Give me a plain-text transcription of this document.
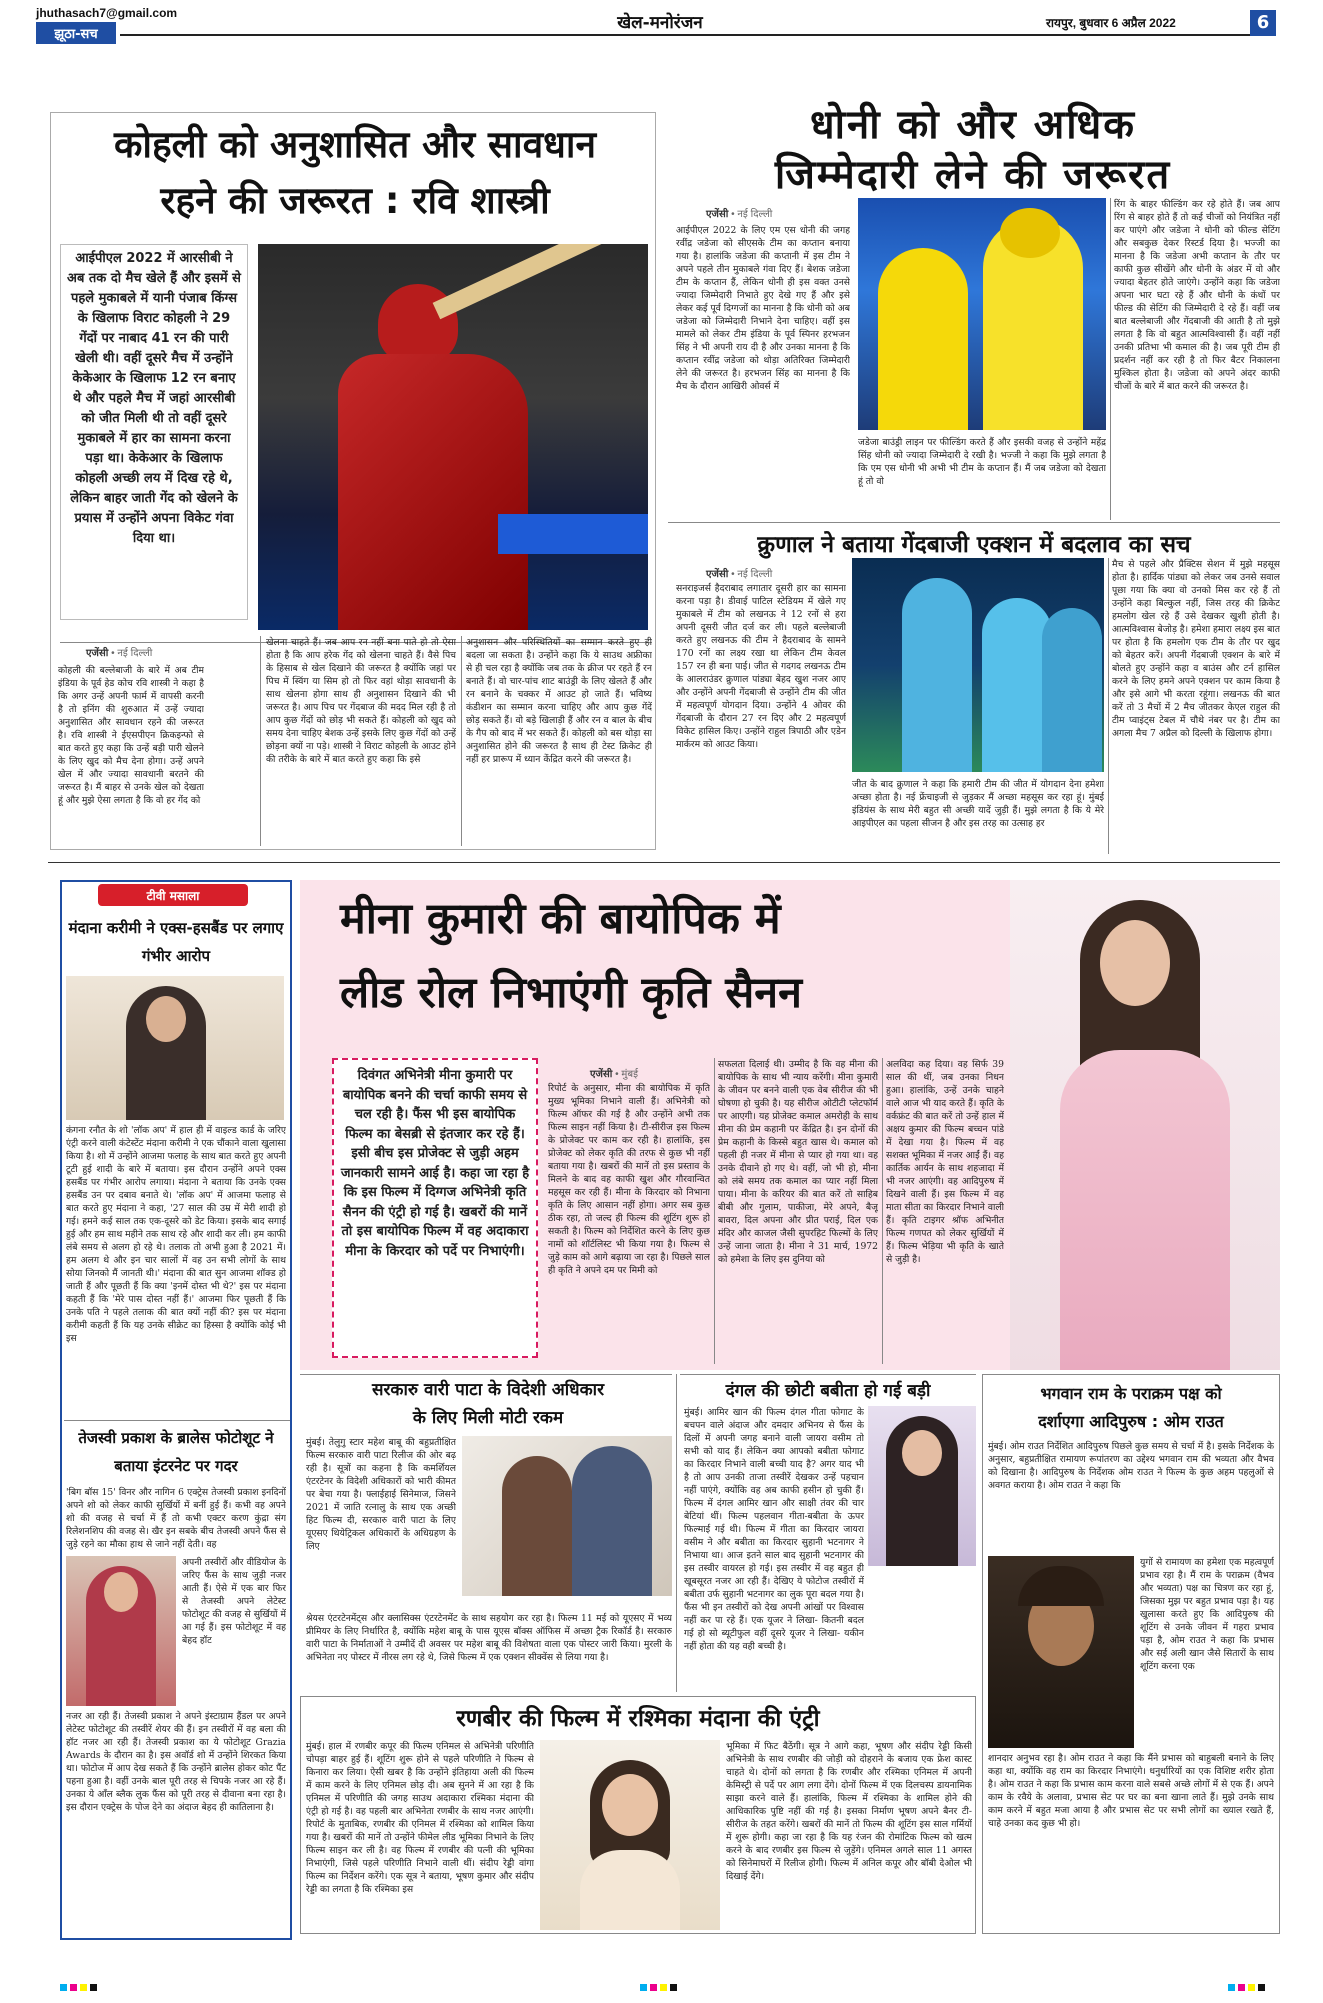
jhuthasach7@gmail.com
झूठा-सच
खेल-मनोरंजन	रायपुर, बुधवार 6 अप्रैल 2022	6
कोहली को अनुशासित और सावधान
रहने की जरूरत : रवि शास्त्री
आईपीएल 2022 में आरसीबी ने अब तक दो मैच खेले हैं और इसमें से पहले मुकाबले में यानी पंजाब किंग्स के खिलाफ विराट कोहली ने 29 गेंदों पर नाबाद 41 रन की पारी खेली थी। वहीं दूसरे मैच में उन्होंने केकेआर के खिलाफ 12 रन बनाए थे और पहले मैच में जहां आरसीबी को जीत मिली थी तो वहीं दूसरे मुकाबले में हार का सामना करना पड़ा था। केकेआर के खिलाफ कोहली अच्छी लय में दिख रहे थे, लेकिन बाहर जाती गेंद को खेलने के प्रयास में उन्होंने अपना विकेट गंवा दिया था।
एजेंसी • नई दिल्ली
कोहली की बल्लेबाजी के बारे में अब टीम इंडिया के पूर्व हेड कोच रवि शास्त्री ने कहा है कि अगर उन्हें अपनी फार्म में वापसी करनी है तो इनिंग की शुरुआत में उन्हें ज्यादा अनुशासित और सावधान रहने की जरूरत है। रवि शास्त्री ने ईएसपीएन क्रिकइन्फो से बात करते हुए कहा कि उन्हें बड़ी पारी खेलने के लिए खुद को मैच देना होगा। उन्हें अपने खेल में और ज्यादा सावधानी बरतने की जरूरत है। मैं बाहर से उनके खेल को देखता हूं और मुझे ऐसा लगता है कि वो हर गेंद को
खेलना चाहते हैं। जब आप रन नहीं बना पाते हो तो ऐसा होता है कि आप हरेक गेंद को खेलना चाहते हैं। वैसे पिच के हिसाब से खेल दिखाने की जरूरत है क्योंकि जहां पर पिच में स्विंग या सिम हो तो फिर वहां थोड़ा सावधानी के साथ खेलना होगा साथ ही अनुशासन दिखाने की भी जरूरत है। आप पिच पर गेंदबाज की मदद मिल रही है तो आप कुछ गेंदों को छोड़ भी सकते हैं। कोहली को खुद को समय देना चाहिए बेशक उन्हें इसके लिए कुछ गेंदों को उन्हें छोड़ना क्यों ना पड़े। शास्त्री ने विराट कोहली के आउट होने की तरीके के बारे में बात करते हुए कहा कि इसे
अनुशासन और परिस्थितियों का सम्मान करते हुए ही बदला जा सकता है। उन्होंने कहा कि ये साउथ अफ्रीका से ही चल रहा है क्योंकि जब तक के क्रीज पर रहते हैं रन बनाते हैं। वो चार-पांच शाट बाउंड्री के लिए खेलते हैं और रन बनाने के चक्कर में आउट हो जाते हैं। भविष्य कंडीशन का सम्मान करना चाहिए और आप कुछ गेंदें छोड़ सकते हैं। वो बड़े खिलाड़ी हैं और रन व बाल के बीच के गैप को बाद में भर सकते हैं। कोहली को बस थोड़ा सा अनुशासित होने की जरूरत है साथ ही टेस्ट क्रिकेट ही नहीं हर प्रारूप में ध्यान केंद्रित करने की जरूरत है।
धोनी को और अधिक
जिम्मेदारी लेने की जरूरत
एजेंसी • नई दिल्ली
आईपीएल 2022 के लिए एम एस धोनी की जगह रवींद्र जडेजा को सीएसके टीम का कप्तान बनाया गया है। हालांकि जडेजा की कप्तानी में इस टीम ने अपने पहले तीन मुकाबले गंवा दिए हैं। बेशक जडेजा टीम के कप्तान हैं, लेकिन धोनी ही इस वक्त उनसे ज्यादा जिम्मेदारी निभाते हुए देखे गए हैं और इसे लेकर कई पूर्व दिग्गजों का मानना है कि धोनी को अब जडेजा को जिम्मेदारी निभाने देना चाहिए। वहीं इस मामले को लेकर टीम इंडिया के पूर्व स्पिनर हरभजन सिंह ने भी अपनी राय दी है और उनका मानना है कि कप्तान रवींद्र जडेजा को थोड़ा अतिरिक्त जिम्मेदारी लेने की जरूरत है। हरभजन सिंह का मानना है कि मैच के दौरान आखिरी ओवर्स में
जडेजा बाउंड्री लाइन पर फील्डिंग करते हैं और इसकी वजह से उन्होंने महेंद्र सिंह धोनी को ज्यादा जिम्मेदारी दे रखी है। भज्जी ने कहा कि मुझे लगता है कि एम एस धोनी भी अभी भी टीम के कप्तान हैं। मैं जब जडेजा को देखता हूं तो वो
रिंग के बाहर फील्डिंग कर रहे होते हैं। जब आप रिंग से बाहर होते हैं तो कई चीजों को नियंत्रित नहीं कर पाएंगे और जडेजा ने धोनी को फील्ड सेटिंग और सबकुछ देकर रिस्टर्ड दिया है। भज्जी का मानना है कि जडेजा अभी कप्तान के तौर पर काफी कुछ सीखेंगे और धोनी के अंडर में वो और ज्यादा बेहतर होते जाएंगे। उन्होंने कहा कि जडेजा अपना भार घटा रहे हैं और धोनी के कंधों पर फील्ड की सेटिंग की जिम्मेदारी दे रहे हैं। वहीं जब बात बल्लेबाजी और गेंदबाजी की आती है तो मुझे लगता है कि वो बहुत आत्मविश्वासी हैं। वहीं नहीं उनकी प्रतिभा भी कमाल की है। जब पूरी टीम ही प्रदर्शन नहीं कर रही है तो फिर बैटर निकालना मुश्किल होता है। जडेजा को अपने अंदर काफी चीजों के बारे में बात करने की जरूरत है।
क्रुणाल ने बताया गेंदबाजी एक्शन में बदलाव का सच
एजेंसी • नई दिल्ली
सनराइजर्स हैदराबाद लगातार दूसरी हार का सामना करना पड़ा है। डीवाई पाटिल स्टेडियम में खेले गए मुकाबले में टीम को लखनऊ ने 12 रनों से हरा अपनी दूसरी जीत दर्ज कर ली। पहले बल्लेबाजी करते हुए लखनऊ की टीम ने हैदराबाद के सामने 170 रनों का लक्ष्य रखा था लेकिन टीम केवल 157 रन ही बना पाई। जीत से गदगद लखनऊ टीम के आलराउंडर क्रुणाल पांड्या बेहद खुश नजर आए और उन्होंने अपनी गेंदबाजी से उन्होंने टीम की जीत में महत्वपूर्ण योगदान दिया। उन्होंने 4 ओवर की गेंदबाजी के दौरान 27 रन दिए और 2 महत्वपूर्ण विकेट हासिल किए। उन्होंने राहुल त्रिपाठी और एडेन मार्करम को आउट किया।
जीत के बाद क्रुणाल ने कहा कि हमारी टीम की जीत में योगदान देना हमेशा अच्छा होता है। नई फ्रेंचाइजी से जुड़कर मैं अच्छा महसूस कर रहा हूं। मुंबई इंडियंस के साथ मेरी बहुत सी अच्छी यादें जुड़ी हैं। मुझे लगता है कि ये मेरे आइपीएल का पहला सीजन है और इस तरह का उत्साह हर
मैच से पहले और प्रैक्टिस सेशन में मुझे महसूस होता है। हार्दिक पांड्या को लेकर जब उनसे सवाल पूछा गया कि क्या वो उनको मिस कर रहे हैं तो उन्होंने कहा बिल्कुल नहीं, जिस तरह की क्रिकेट हमलोग खेल रहे हैं उसे देखकर खुशी होती है। आत्मविश्वास बेजोड़ है। हमेशा हमारा लक्ष्य इस बात पर होता है कि हमलोग एक टीम के तौर पर खुद को बेहतर करें। अपनी गेंदबाजी एक्शन के बारे में बोलते हुए उन्होंने कहा व बाउंस और टर्न हासिल करने के लिए हमने अपने एक्शन पर काम किया है और इसे आगे भी करता रहूंगा। लखनऊ की बात करें तो 3 मैचों में 2 मैच जीतकर केएल राहुल की टीम प्वाइंट्स टेबल में चौथे नंबर पर है। टीम का अगला मैच 7 अप्रैल को दिल्ली के खिलाफ होगा।
टीवी मसाला
मंदाना करीमी ने एक्स-हसबैंड पर लगाए गंभीर आरोप
कंगना रनौत के शो 'लॉक अप' में हाल ही में वाइल्ड कार्ड के जरिए एंट्री करने वाली कंटेस्टेंट मंदाना करीमी ने एक चौंकाने वाला खुलासा किया है। शो में उन्होंने आजमा फलाह के साथ बात करते हुए अपनी टूटी हुई शादी के बारे में बताया। इस दौरान उन्होंने अपने एक्स हसबैंड पर गंभीर आरोप लगाया। मंदाना ने बताया कि उनके एक्स हसबैंड उन पर दबाव बनाते थे। 'लॉक अप' में आजमा फलाह से बात करते हुए मंदाना ने कहा, '27 साल की उम्र में मेरी शादी हो गई। हमने कई साल तक एक-दूसरे को डेट किया। इसके बाद सगाई हुई और हम साथ महीने तक साथ रहे और शादी कर ली। हम काफी लंबे समय से अलग हो रहे थे। तलाक तो अभी हुआ है 2021 में। हम अलग थे और इन चार सालों में वह उन सभी लोगों के साथ सोया जिनको मैं जानती थी।' मंदाना की बात सुन आजमा शॉक्ड हो जाती हैं और पूछती हैं कि क्या 'इनमें दोस्त भी थे?' इस पर मंदाना कहती हैं कि 'मेरे पास दोस्त नहीं हैं।' आजमा फिर पूछती हैं कि उनके पति ने पहले तलाक की बात क्यों नहीं की? इस पर मंदाना करीमी कहती हैं कि यह उनके सीक्रेट का हिस्सा है क्योंकि कोई भी इस
तेजस्वी प्रकाश के ब्रालेस फोटोशूट ने बताया इंटरनेट पर गदर
'बिग बॉस 15' विनर और नागिन 6 एक्ट्रेस तेजस्वी प्रकाश इनदिनों अपने शो को लेकर काफी सुर्खियों में बनीं हुई हैं। कभी वह अपने शो की वजह से चर्चा में हैं तो कभी एक्टर करण कुंद्रा संग रिलेशनशिप की वजह से। खैर इन सबके बीच तेजस्वी अपने फैंस से जुड़े रहने का मौका हाथ से जाने नहीं देती। वह
अपनी तस्वीरों और वीडियोज के जरिए फैंस के साथ जुड़ी नजर आती हैं। ऐसे में एक बार फिर से तेजस्वी अपने लेटेस्ट फोटोशूट की वजह से सुर्खियों में आ गई हैं। इस फोटोशूट में वह बेहद हॉट
नजर आ रही हैं। तेजस्वी प्रकाश ने अपने इंस्टाग्राम हैंडल पर अपने लेटेस्ट फोटोशूट की तस्वीरें शेयर की हैं। इन तस्वीरों में वह बला की हॉट नजर आ रही हैं। तेजस्वी प्रकाश का ये फोटोशूट Grazia Awards के दौरान का है। इस अवॉर्ड शो में उन्होंने शिरकत किया था। फोटोज में आप देख सकते हैं कि उन्होंने ब्रालेस होकर कोट पैंट पहना हुआ है। वहीं उनके बाल पूरी तरह से चिपके नजर आ रहे हैं। उनका ये आँल ब्लैक लुक फैंस को पूरी तरह से दीवाना बना रहा है। इस दौरान एक्ट्रेस के पोज देने का अंदाज बेहद ही कातिलाना है।
मीना कुमारी की बायोपिक में
लीड रोल निभाएंगी कृति सैनन
दिवंगत अभिनेत्री मीना कुमारी पर बायोपिक बनने की चर्चा काफी समय से चल रही है। फैंस भी इस बायोपिक फिल्म का बेसब्री से इंतजार कर रहे हैं। इसी बीच इस प्रोजेक्ट से जुड़ी अहम जानकारी सामने आई है। कहा जा रहा है कि इस फिल्म में दिग्गज अभिनेत्री कृति सैनन की एंट्री हो गई है। खबरों की मानें तो इस बायोपिक फिल्म में वह अदाकारा मीना के किरदार को पर्दे पर निभाएंगी।
एजेंसी • मुंबई
रिपोर्ट के अनुसार, मीना की बायोपिक में कृति मुख्य भूमिका निभाने वाली हैं। अभिनेत्री को फिल्म ऑफर की गई है और उन्होंने अभी तक फिल्म साइन नहीं किया है। टी-सीरीज इस फिल्म के प्रोजेक्ट पर काम कर रही है। हालांकि, इस प्रोजेक्ट को लेकर कृति की तरफ से कुछ भी नहीं बताया गया है। खबरों की मानें तो इस प्रस्ताव के मिलने के बाद वह काफी खुश और गौरवान्वित महसूस कर रही हैं। मीना के किरदार को निभाना कृति के लिए आसान नहीं होगा। अगर सब कुछ ठीक रहा, तो जल्द ही फिल्म की शूटिंग शुरू हो सकती है। फिल्म को निर्देशित करने के लिए कुछ नामों को शॉर्टलिस्ट भी किया गया है। फिल्म से जुड़े काम को आगे बढ़ाया जा रहा है। पिछले साल ही कृति ने अपने दम पर मिमी को
सफलता दिलाई थी। उम्मीद है कि वह मीना की बायोपिक के साथ भी न्याय करेंगी। मीना कुमारी के जीवन पर बनने वाली एक वेब सीरीज की भी घोषणा हो चुकी है। यह सीरीज ओटीटी प्लेटफॉर्म पर आएगी। यह प्रोजेक्ट कमाल अमरोही के साथ मीना की प्रेम कहानी पर केंद्रित है। इन दोनों की प्रेम कहानी के किस्से बहुत खास थे। कमाल को पहली ही नजर में मीना से प्यार हो गया था। वह उनके दीवाने हो गए थे। वहीं, जो भी हो, मीना को लंबे समय तक कमाल का प्यार नहीं मिला पाया। मीना के करियर की बात करें तो साहिब बीबी और गुलाम, पाकीजा, मेरे अपने, बैजू बावरा, दिल अपना और प्रीत पराई, दिल एक मंदिर और काजल जैसी सुपरहिट फिल्मों के लिए उन्हें जाना जाता है। मीना ने 31 मार्च, 1972 को हमेशा के लिए इस दुनिया को
अलविदा कह दिया। वह सिर्फ 39 साल की थीं, जब उनका निधन हुआ। हालांकि, उन्हें उनके चाहने वाले आज भी याद करते हैं। कृति के वर्कफ्रंट की बात करें तो उन्हें हाल में अक्षय कुमार की फिल्म बच्चन पांडे में देखा गया है। फिल्म में वह सशक्त भूमिका में नजर आईं हैं। वह कार्तिक आर्यन के साथ शहजादा में भी नजर आएंगी। वह आदिपुरुष में दिखने वाली हैं। इस फिल्म में वह माता सीता का किरदार निभाने वाली हैं। कृति टाइगर श्रॉफ अभिनीत फिल्म गणपत को लेकर सुर्खियों में हैं। फिल्म भेड़िया भी कृति के खाते से जुड़ी है।
सरकारु वारी पाटा के विदेशी अधिकार
के लिए मिली मोटी रकम
मुंबई। तेलुगु स्टार महेश बाबू की बहुप्रतीक्षित फिल्म सरकारु वारी पाटा रिलीज की ओर बढ़ रही है। सूत्रों का कहना है कि कमर्शियल एंटरटेनर के विदेशी अधिकारों को भारी कीमत पर बेचा गया है। फ्लाईहाई सिनेमाज, जिसने 2021 में जाति रत्नालु के साथ एक अच्छी हिट फिल्म दी, सरकारु वारी पाटा के लिए यूएसए थियेट्रिकल अधिकारों के अधिग्रहण के लिए
श्रेयस एंटरटेनमेंट्स और क्लासिक्स एंटरटेनमेंट के साथ सहयोग कर रहा है। फिल्म 11 मई को यूएसए में भव्य प्रीमियर के लिए निर्धारित है, क्योंकि महेश बाबू के पास यूएस बॉक्स ऑफिस में अच्छा ट्रैक रिकॉर्ड है। सरकारु वारी पाटा के निर्माताओं ने उम्मीदें दी अवसर पर महेश बाबू की विशेषता वाला एक पोस्टर जारी किया। मुरली के अभिनेता नए पोस्टर में नीरस लग रहे थे, जिसे फिल्म में एक एक्शन सीक्वेंस से लिया गया है।
दंगल की छोटी बबीता हो गई बड़ी
मुंबई। आमिर खान की फिल्म दंगल गीता फोगाट के बचपन वाले अंदाज और दमदार अभिनय से फैंस के दिलों में अपनी जगह बनाने वाली जायरा वसीम तो सभी को याद हैं। लेकिन क्या आपको बबीता फोगाट का किरदार निभाने वाली बच्ची याद है? अगर याद भी है तो आप उनकी ताजा तस्वीरें देखकर उन्हें पहचान नहीं पाएंगे, क्योंकि वह अब काफी हसीन हो चुकी हैं। फिल्म में दंगल आमिर खान और साक्षी तंवर की चार बेटियां थीं। फिल्म पहलवान गीता-बबीता के ऊपर फिल्माई गई थी। फिल्म में गीता का किरदार जायरा वसीम ने और बबीता का किरदार सुहानी भटनागर ने निभाया था। आज इतने साल बाद सुहानी भटनागर की इस तस्वीर वायरल हो गई। इस तस्वीर में वह बहुत ही खूबसूरत नजर आ रही हैं। देखिए ये फोटोज तस्वीरों में बबीता उर्फ सुहानी भटनागर का लुक पूरा बदल गया है। फैंस भी इन तस्वीरों को देख अपनी आंखों पर विश्वास नहीं कर पा रहे हैं। एक यूजर ने लिखा- कितनी बदल गई हो सो ब्यूटीफुल वहीं दूसरे यूजर ने लिखा- यकीन नहीं होता की यह वही बच्ची है।
भगवान राम के पराक्रम पक्ष को
दर्शाएगा आदिपुरुष : ओम राउत
मुंबई। ओम राउत निर्देशित आदिपुरुष पिछले कुछ समय से चर्चा में है। इसके निर्देशक के अनुसार, बहुप्रतीक्षित रामायण रूपांतरण का उद्देश्य भगवान राम की भव्यता और वैभव को दिखाना है। आदिपुरुष के निर्देशक ओम राउत ने फिल्म के कुछ अहम पहलुओं से अवगत कराया है। ओम राउत ने कहा कि
युगों से रामायण का हमेशा एक महत्वपूर्ण प्रभाव रहा है। मैं राम के पराक्रम (वैभव और भव्यता) पक्ष का चित्रण कर रहा हूं, जिसका मुझ पर बहुत प्रभाव पड़ा है। यह खुलासा करते हुए कि आदिपुरुष की शूटिंग से उनके जीवन में गहरा प्रभाव पड़ा है, ओम राउत ने कहा कि प्रभास और सई अली खान जैसे सितारों के साथ शूटिंग करना एक
शानदार अनुभव रहा है। ओम राउत ने कहा कि मैंने प्रभास को बाहुबली बनाने के लिए कहा था, क्योंकि वह राम का किरदार निभाएंगे। धनुर्धारियों का एक विशिष्ट शरीर होता है। ओम राउत ने कहा कि प्रभास काम करना वाले सबसे अच्छे लोगों में से एक हैं। अपने काम के रवैये के अलावा, प्रभास सेट पर घर का बना खाना लाते हैं। मुझे उनके साथ काम करने में बहुत मजा आया है और प्रभास सेट पर सभी लोगों का ख्याल रखते हैं, चाहे उनका कद कुछ भी हो।
रणबीर की फिल्म में रश्मिका मंदाना की एंट्री
मुंबई। हाल में रणबीर कपूर की फिल्म एनिमल से अभिनेत्री परिणीति चोपड़ा बाहर हुई हैं। शूटिंग शुरू होने से पहले परिणीति ने फिल्म से किनारा कर लिया। ऐसी खबर है कि उन्होंने इंतिहाया अली की फिल्म में काम करने के लिए एनिमल छोड़ दी। अब सुनने में आ रहा है कि एनिमल में परिणीति की जगह साउथ अदाकारा रश्मिका मंदाना की एंट्री हो गई है। वह पहली बार अभिनेता रणबीर के साथ नजर आएंगी। रिपोर्ट के मुताबिक, रणबीर की एनिमल में रश्मिका को शामिल किया गया है। खबरों की मानें तो उन्होंने फीमेल लीड भूमिका निभाने के लिए फिल्म साइन कर ली है। वह फिल्म में रणबीर की पत्नी की भूमिका निभाएंगी, जिसे पहले परिणीति निभाने वाली थीं। संदीप रेड्डी वांगा फिल्म का निर्देशन करेंगे। एक सूत्र ने बताया, भूषण कुमार और संदीप रेड्डी का लगता है कि रश्मिका इस
भूमिका में फिट बैठेंगी। सूत्र ने आगे कहा, भूषण और संदीप रेड्डी किसी अभिनेत्री के साथ रणबीर की जोड़ी को दोहराने के बजाय एक फ्रेश कास्ट चाहते थे। दोनों को लगता है कि रणबीर और रश्मिका एनिमल में अपनी केमिस्ट्री से पर्दे पर आग लगा देंगे। दोनों फिल्म में एक दिलचस्प डायनामिक साझा करने वाले हैं। हालांकि, फिल्म में रश्मिका के शामिल होने की आधिकारिक पुष्टि नहीं की गई है। इसका निर्माण भूषण अपने बैनर टी-सीरीज के तहत करेंगे। खबरों की मानें तो फिल्म की शूटिंग इस साल गर्मियों में शुरू होगी। कहा जा रहा है कि यह रंजन की रोमांटिक फिल्म को खत्म करने के बाद रणबीर इस फिल्म से जुड़ेंगे। एनिमल अगले साल 11 अगस्त को सिनेमाघरों में रिलीज होगी। फिल्म में अनिल कपूर और बॉबी देओल भी दिखाई देंगे।
